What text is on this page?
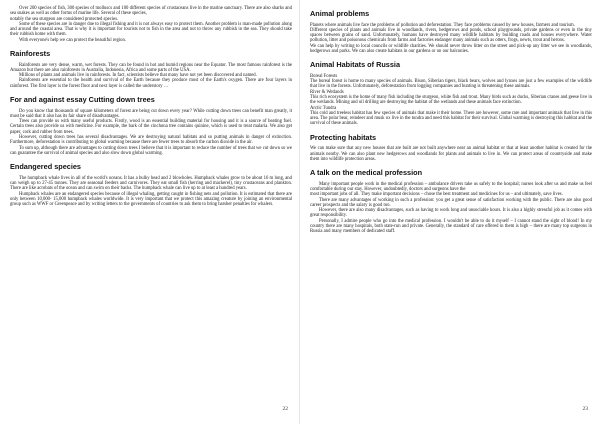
Over 200 species of fish, 300 species of molluscs and 100 different species of crustaceans live in the marine sanctuary. There are also sharks and sea snakes as well as other forms of marine life. Several of these species,

notably the sea sturgeon are considered protected species.

Some of these species are in danger due to illegal fishing and it is not always easy to protect them. Another problem is man-made pollution along and around the coastal area. That is why it is important for tourists not to fish in the area and not to throw any rubbish in the sea. They should take their rubbish home with them.

With everyone's help we can protect the beautiful region.

Rainforests

Rainforests are very dense, warm, wet forests. They can be found in hot and humid regions near the Equator. The most famous rainforest is the Amazon but there are also rainforests in Australia, Indonesia, Africa and some parts of the USA.

Millions of plants and animals live in rainforests. In fact, scientists believe that many have not yet been discovered and named.

Rainforests are essential to the health and survival of the Earth because they produce most of the Earth's oxygen. There are four layers in rainforest. The first layer is the forest floor and next layer is called the understory …

For and against essay Cutting down trees

Do you know that thousands of square kilometers of forest are being cut down every year? While cutting down trees can benefit man greatly, it must be said that it also has its fair share of disadvantages.

Trees can provide us with many useful products. Firstly, wood is an essential building material for housing and it is a source of heating fuel. Certain trees also provide us with medicine. For example, the bark of the cinchona tree contains quinine, which is used to treat malaria. We also get paper, cork and rubber from trees.

However, cutting down trees has several disadvantages. We are destroying natural habitats and so putting animals in danger of extinction. Furthermore, deforestation is contributing to global warming because there are fewer trees to absorb the carbon dioxide in the air.

To sum up, although there are advantages to cutting down trees I believe that it is important to reduce the number of trees that we cut down so we can guarantee the survival of animal species and also slow down global warming.

Endangered species

The humpback whale lives in all of the world's oceans. It has a bulky head and 2 blowholes. Humpback whales grow to be about 16 m long, and can weigh up to 27-45 tonnes. They are seasonal feeders and carnivores. They eat small fish (herring and mackerel), tiny crustaceans and plankton. There are like acrobats of the ocean and can swim on their backs. The humpback whale can live up to at least a hundred years.

Humpback whales are an endangered species because of illegal whaling, getting caught in fishing nets and pollution. It is estimated that there are only between 10,000- 15,000 humpback whales worldwide. It is very important that we protect this amazing creature by joining an environmental group such as WWF or Greenpeace and by writing letters to the governments of countries to ask them to bring harsher penalties for whalers.

22
Animal problems

Planets where animals live face the problems of pollution and deforestation. They face problems caused by new houses, farmers and tourism.

Different species of plants and animals live in woodlands, rivers, hedgerows and ponds, school playgrounds, private gardens or even in the tiny spaces between grains of sand. Unfortunately, humans have destroyed many wildlife habitats by building roads and houses everywhere. Water pollution, litter and poisonous chemicals from farms and factories endanger many animals such as otters, frogs, newts, trout and herons.

We can help by writing to local councils or wildlife charities. We should never throw litter on the street and pick-up any litter we see in woodlands, hedgerows and parks. We can also create habitats in our gardens or on our balconies.

Animal Habitats of Russia

Boreal Forests

The boreal forest is home to many species of animals. Bison, Siberian tigers, black bears, wolves and lynxes are just a few examples of the wildlife that live in the forests. Unfortunately, deforestation from logging companies and hunting is threatening these animals.

River & Wetlands

This rich ecosystem is the home of many fish including the sturgeon, white fish and trout. Many birds such as ducks, Siberian cranes and geese live in the wetlands. Mining and oil drilling are destroying the habitat of the wetlands and these animals face extinction.

Arctic Tundra

This cold and treeless habitat has few species of animals that make it their home. There are however, some rare and important animals that live in this area. The polar bear, reindeer and musk ox live in the tundra and need this habitat for their survival. Global warming is destroying this habitat and the survival of these animals.

Protecting habitats

We can make sure that any new houses that are built are not built anywhere near an animal habitat or that at least another habitat is created for the animals nearby. We can also plant new hedgerows and woodlands for plants and animals to live in. We can protect areas of countryside and make them into wildlife protection areas.

A talk on the medical profession

Many important people work in the medical profession – ambulance drivers take us safely to the hospital; nurses look after us and make us feel comfortable during our stay. However, undoubtedly, doctors and surgeons have the

most important jobs of all. They make important decisions – chose the best treatment and medicines for us – and ultimately, save lives.

There are many advantages of working in such a profession: you get a great sense of satisfaction working with the public. There are also good career prospects and the salary is good too.

However, there are also many disadvantages, such as having to work long and unsociable hours. It is also a highly stressful job as it comes with great responsibility.

Personally, I admire people who go into the medical profession. I wouldn't be able to do it myself – I cannot stand the sight of blood! In my country there are many hospitals, both state-run and private. Generally, the standard of care offered in them is high – there are many top surgeons in Russia and many members of dedicated staff.

23
